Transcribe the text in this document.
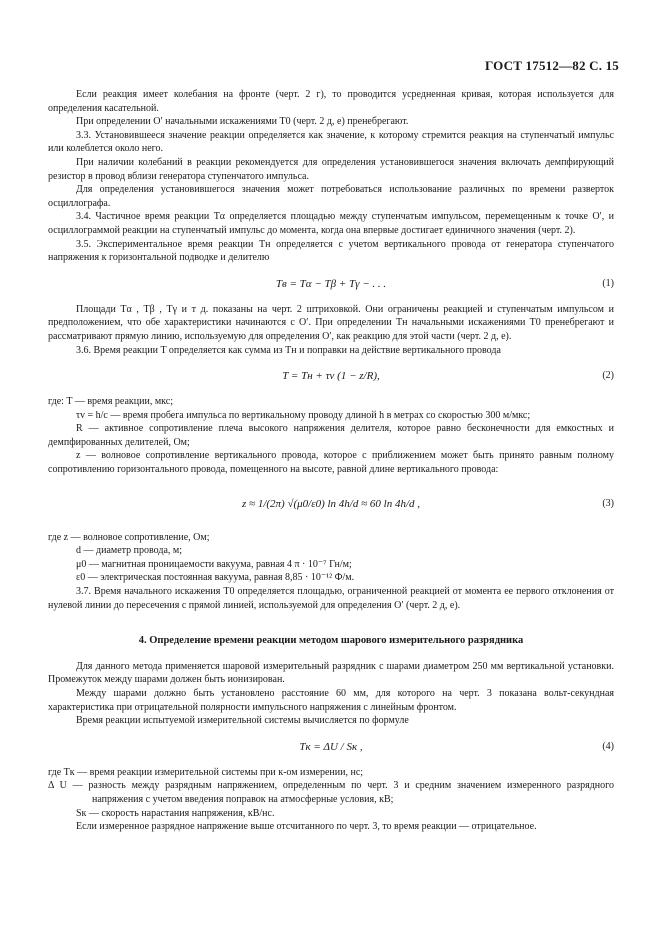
ГОСТ 17512—82 С. 15

Если реакция имеет колебания на фронте (черт. 2 г), то проводится усредненная кривая, которая используется для определения касательной.

При определении O′ начальными искажениями T0 (черт. 2 д, е) пренебрегают.

3.3. Установившееся значение реакции определяется как значение, к которому стремится реакция на ступенчатый импульс или колеблется около него.

При наличии колебаний в реакции рекомендуется для определения установившегося значения включать демпфирующий резистор в провод вблизи генератора ступенчатого импульса.

Для определения установившегося значения может потребоваться использование различных по времени разверток осциллографа.

3.4. Частичное время реакции Tα определяется площадью между ступенчатым импульсом, перемещенным к точке O′, и осциллограммой реакции на ступенчатый импульс до момента, когда она впервые достигает единичного значения (черт. 2).

3.5. Экспериментальное время реакции Tн определяется с учетом вертикального провода от генератора ступенчатого напряжения к горизонтальной подводке и делителю

Tв = Tα − Tβ + Tγ − . . .	(1)

Площади Tα , Tβ , Tγ и т д. показаны на черт. 2 штриховкой. Они ограничены реакцией и ступенчатым импульсом и предположением, что обе характеристики начинаются с O′. При определении Tн начальными искажениями T0 пренебрегают и рассматривают прямую линию, используемую для определения O′, как реакцию для этой части (черт. 2 д, е).

3.6. Время реакции T определяется как сумма из Tн и поправки на действие вертикального провода

T = Tн + τv (1 − z/R),	(2)

где: T — время реакции, мкс;

τv = h/c — время пробега импульса по вертикальному проводу длиной h в метрах со скоростью 300 м/мкс;

R — активное сопротивление плеча высокого напряжения делителя, которое равно бесконечности для емкостных и демпфированных делителей, Ом;

z — волновое сопротивление вертикального провода, которое с приближением может быть принято равным полному сопротивлению горизонтального провода, помещенного на высоте, равной длине вертикального провода:

z ≈ 1/(2π) √(μ0/ε0) ln 4h/d ≈ 60 ln 4h/d ,	(3)

где z — волновое сопротивление, Ом;

d — диаметр провода, м;

μ0 — магнитная проницаемости вакуума, равная 4 π · 10⁻⁷ Гн/м;

ε0 — электрическая постоянная вакуума, равная 8,85 · 10⁻¹² Ф/м.

3.7. Время начального искажения T0 определяется площадью, ограниченной реакцией от момента ее первого отклонения от нулевой линии до пересечения с прямой линией, используемой для определения O′ (черт. 2 д, е).

4. Определение времени реакции методом шарового измерительного разрядника

Для данного метода применяется шаровой измерительный разрядник с шарами диаметром 250 мм вертикальной установки. Промежуток между шарами должен быть ионизирован.

Между шарами должно быть установлено расстояние 60 мм, для которого на черт. 3 показана вольт-секундная характеристика при отрицательной полярности импульсного напряжения с линейным фронтом.

Время реакции испытуемой измерительной системы вычисляется по формуле

Tк = ΔU / Sк ,	(4)

где Tк — время реакции измерительной системы при к-ом измерении, нс;

Δ U — разность между разрядным напряжением, определенным по черт. 3 и средним значением измеренного разрядного напряжения с учетом введения поправок на атмосферные условия, кВ;

Sк — скорость нарастания напряжения, кВ/нс.

Если измеренное разрядное напряжение выше отсчитанного по черт. 3, то время реакции — отрицательное.
